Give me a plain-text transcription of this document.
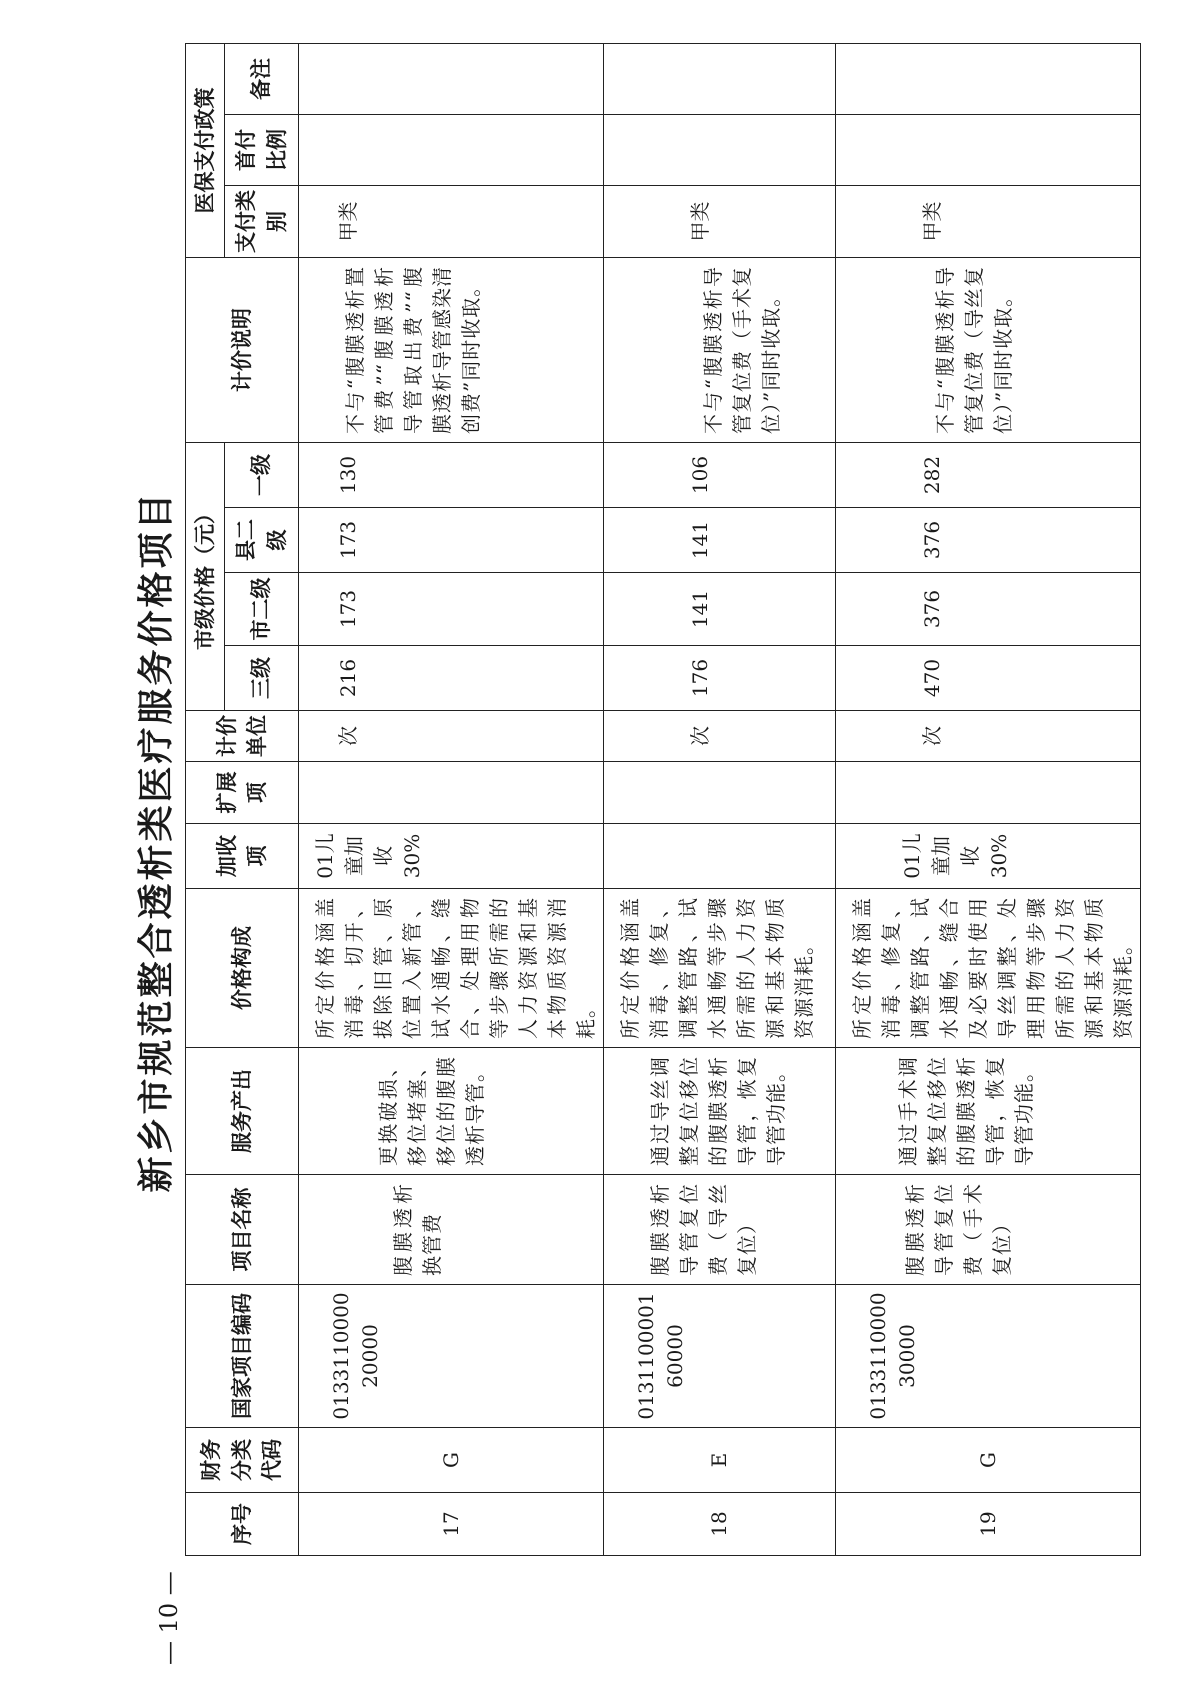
新乡市规范整合透析类医疗服务价格项目
— 10 —
序号	财务分类代码	国家项目编码	项目名称	服务产出	价格构成	加收项	扩展项	计价单位	市级价格（元）				计价说明	医保支付政策		
									三级	市二级	县二级	一级		支付类别	首付比例	备注
17	G	013311000020000	腹膜透析换管费	更换破损、移位堵塞、移位的腹膜透析导管。	所定价格涵盖消毒、切开、拔除旧管、原位置入新管、试水通畅、缝合、处理用物等步骤所需的人力资源和基本物质资源消耗。	01儿童加收30%		次	216	173	173	130	不与“腹膜透析置管费”“腹膜透析导管取出费”“腹膜透析导管感染清创费”同时收取。	甲类		
18	E	013110000160000	腹膜透析导管复位费（导丝复位）	通过导丝调整复位移位的腹膜透析导管，恢复导管功能。	所定价格涵盖消毒、修复、调整管路、试水通畅等步骤所需的人力资源和基本物质资源消耗。			次	176	141	141	106	不与“腹膜透析导管复位费（手术复位）”同时收取。	甲类		
19	G	013311000030000	腹膜透析导管复位费（手术复位）	通过手术调整复位移位的腹膜透析导管，恢复导管功能。	所定价格涵盖消毒、修复、调整管路、试水通畅、缝合及必要时使用导丝调整、处理用物等步骤所需的人力资源和基本物质资源消耗。	01儿童加收30%		次	470	376	376	282	不与“腹膜透析导管复位费（导丝复位）”同时收取。	甲类		
